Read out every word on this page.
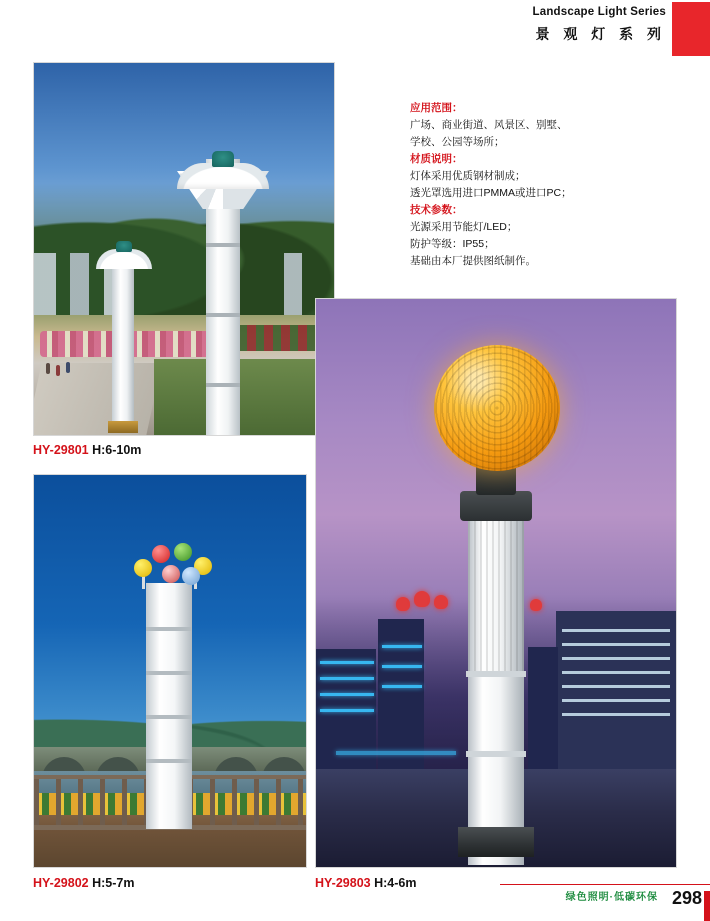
Landscape Light Series
景 观 灯 系 列

应用范围：

广场、商业街道、风景区、别墅、

学校、公园等场所；

材质说明：

灯体采用优质钢材制成；

透光罩选用进口PMMA或进口PC；

技术参数：

光源采用节能灯/LED；

防护等级：IP55；

基础由本厂提供图纸制作。

HY-29801 H:6-10m
HY-29802 H:5-7m	HY-29803 H:4-6m
绿色照明·低碳环保 298
